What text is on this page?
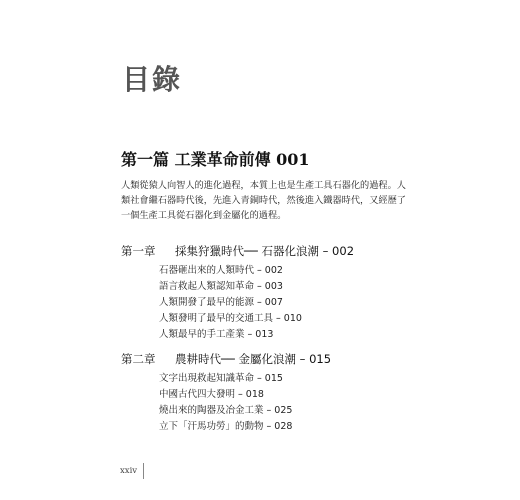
目錄
第一篇 工業革命前傳 001

人類從猿人向智人的進化過程，本質上也是生產工具石器化的過程。人類社會繼石器時代後，先進入青銅時代，然後進入鐵器時代，又經歷了一個生產工具從石器化到金屬化的過程。

第一章 採集狩獵時代── 石器化浪潮 – 002
石器砸出來的人類時代 – 002
語言救起人類認知革命 – 003
人類開發了最早的能源 – 007
人類發明了最早的交通工具 – 010
人類最早的手工產業 – 013
第二章 農耕時代── 金屬化浪潮 – 015
文字出現救起知識革命 – 015
中國古代四大發明 – 018
燒出來的陶器及冶金工業 – 025
立下「汗馬功勞」的動物 – 028
xxiv
